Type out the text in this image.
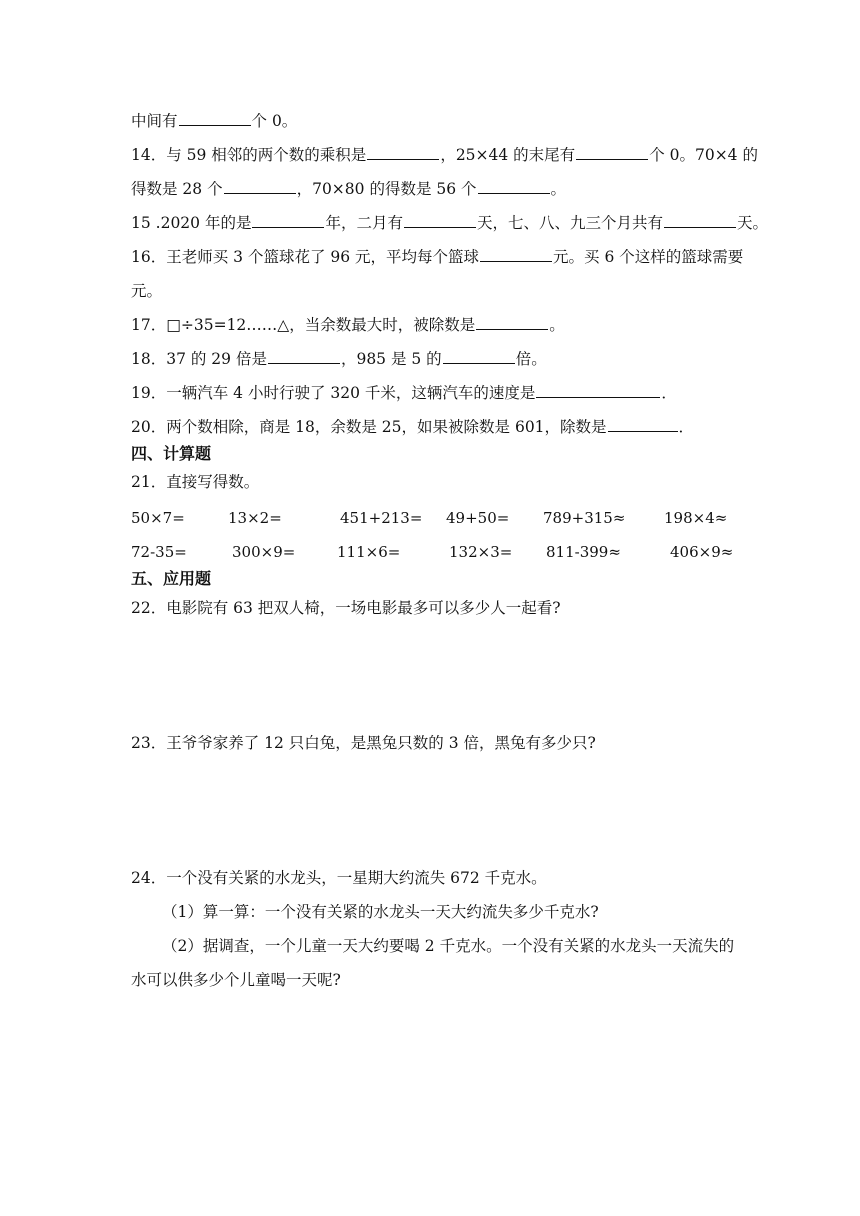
中间有	个 0。
14．与 59 相邻的两个数的乘积是	，25×44 的末尾有	个 0。70×4 的
得数是 28 个	，70×80 的得数是 56 个	。
15 .2020 年的是	年，二月有	天，七、八、九三个月共有	天。
16．王老师买 3 个篮球花了 96 元，平均每个篮球	元。买 6 个这样的篮球需要
元。
17．□÷35=12……△，当余数最大时，被除数是	。
18．37 的 29 倍是	，985 是 5 的	倍。
19．一辆汽车 4 小时行驶了 320 千米，这辆汽车的速度是	．
20．两个数相除，商是 18，余数是 25，如果被除数是 601，除数是	．
四、计算题
21．直接写得数。
50×7=	13×2=	451+213= 49+50= 789+315≈	198×4≈
72-35=	300×9=	111×6=	132×3= 811-399≈	406×9≈
五、应用题
22．电影院有 63 把双人椅，一场电影最多可以多少人一起看?
23．王爷爷家养了 12 只白兔，是黑兔只数的 3 倍，黑兔有多少只?
24．一个没有关紧的水龙头，一星期大约流失 672 千克水。
（1）算一算：一个没有关紧的水龙头一天大约流失多少千克水?
（2）据调查，一个儿童一天大约要喝 2 千克水。一个没有关紧的水龙头一天流失的
水可以供多少个儿童喝一天呢?
